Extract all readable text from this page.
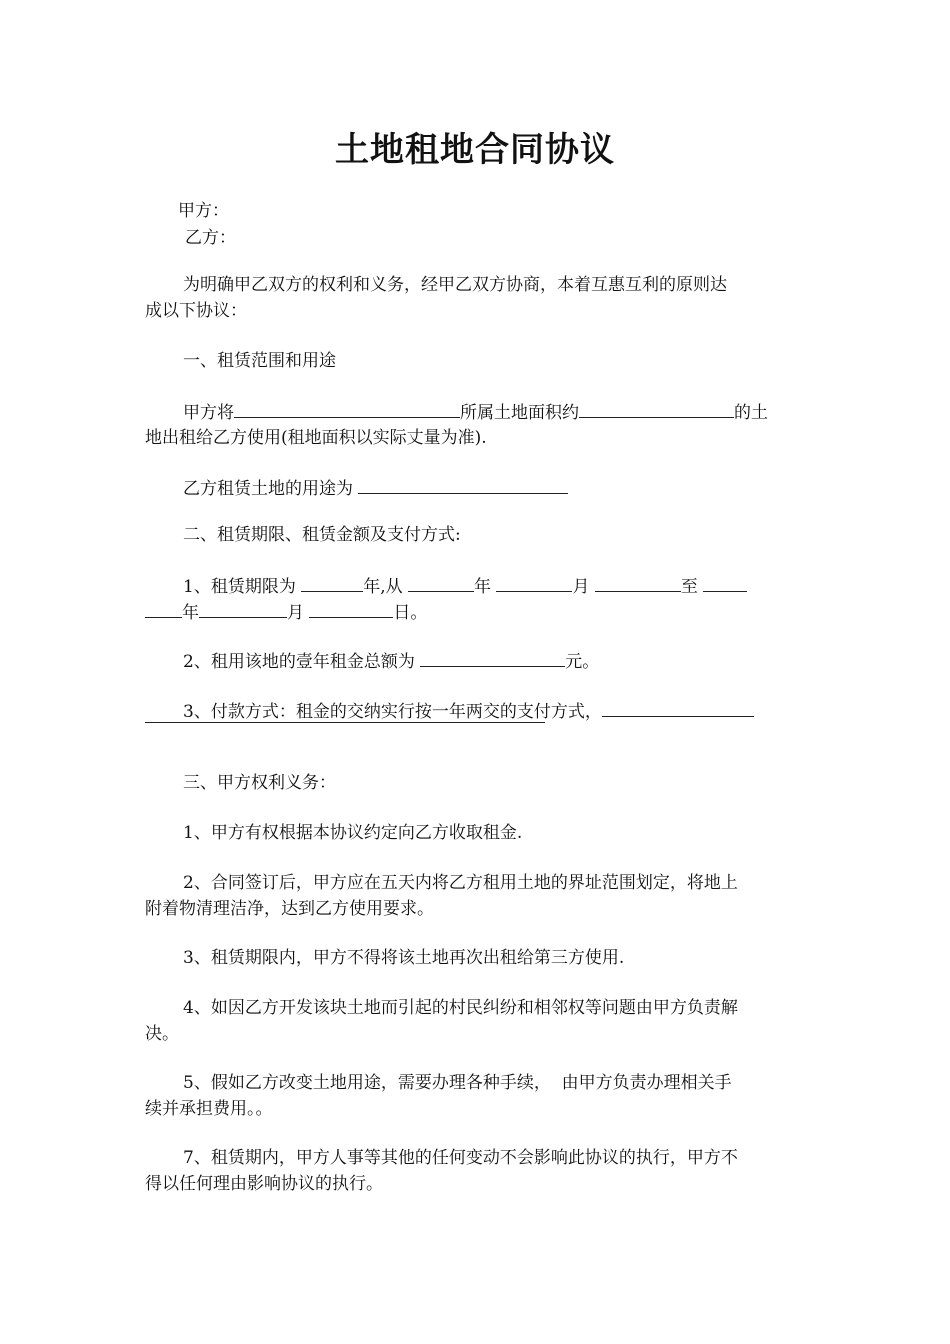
土地租地合同协议
甲方：
乙方：
为明确甲乙双方的权利和义务，经甲乙双方协商，本着互惠互利的原则达
成以下协议：
一、租赁范围和用途
甲方将	所属土地面积约	的土
地出租给乙方使用(租地面积以实际丈量为准).
乙方租赁土地的用途为
二、租赁期限、租赁金额及支付方式:
1、租赁期限为	年,从	年	月	至
年	月	日。
2、租用该地的壹年租金总额为	元。
3、付款方式：租金的交纳实行按一年两交的支付方式，
三、甲方权利义务：
1、甲方有权根据本协议约定向乙方收取租金.
2、合同签订后，甲方应在五天内将乙方租用土地的界址范围划定，将地上
附着物清理洁净，达到乙方使用要求。
3、租赁期限内，甲方不得将该土地再次出租给第三方使用.
4、如因乙方开发该块土地而引起的村民纠纷和相邻权等问题由甲方负责解
决。
5、假如乙方改变土地用途，需要办理各种手续，  由甲方负责办理相关手
续并承担费用。。
7、租赁期内，甲方人事等其他的任何变动不会影响此协议的执行，甲方不
得以任何理由影响协议的执行。
